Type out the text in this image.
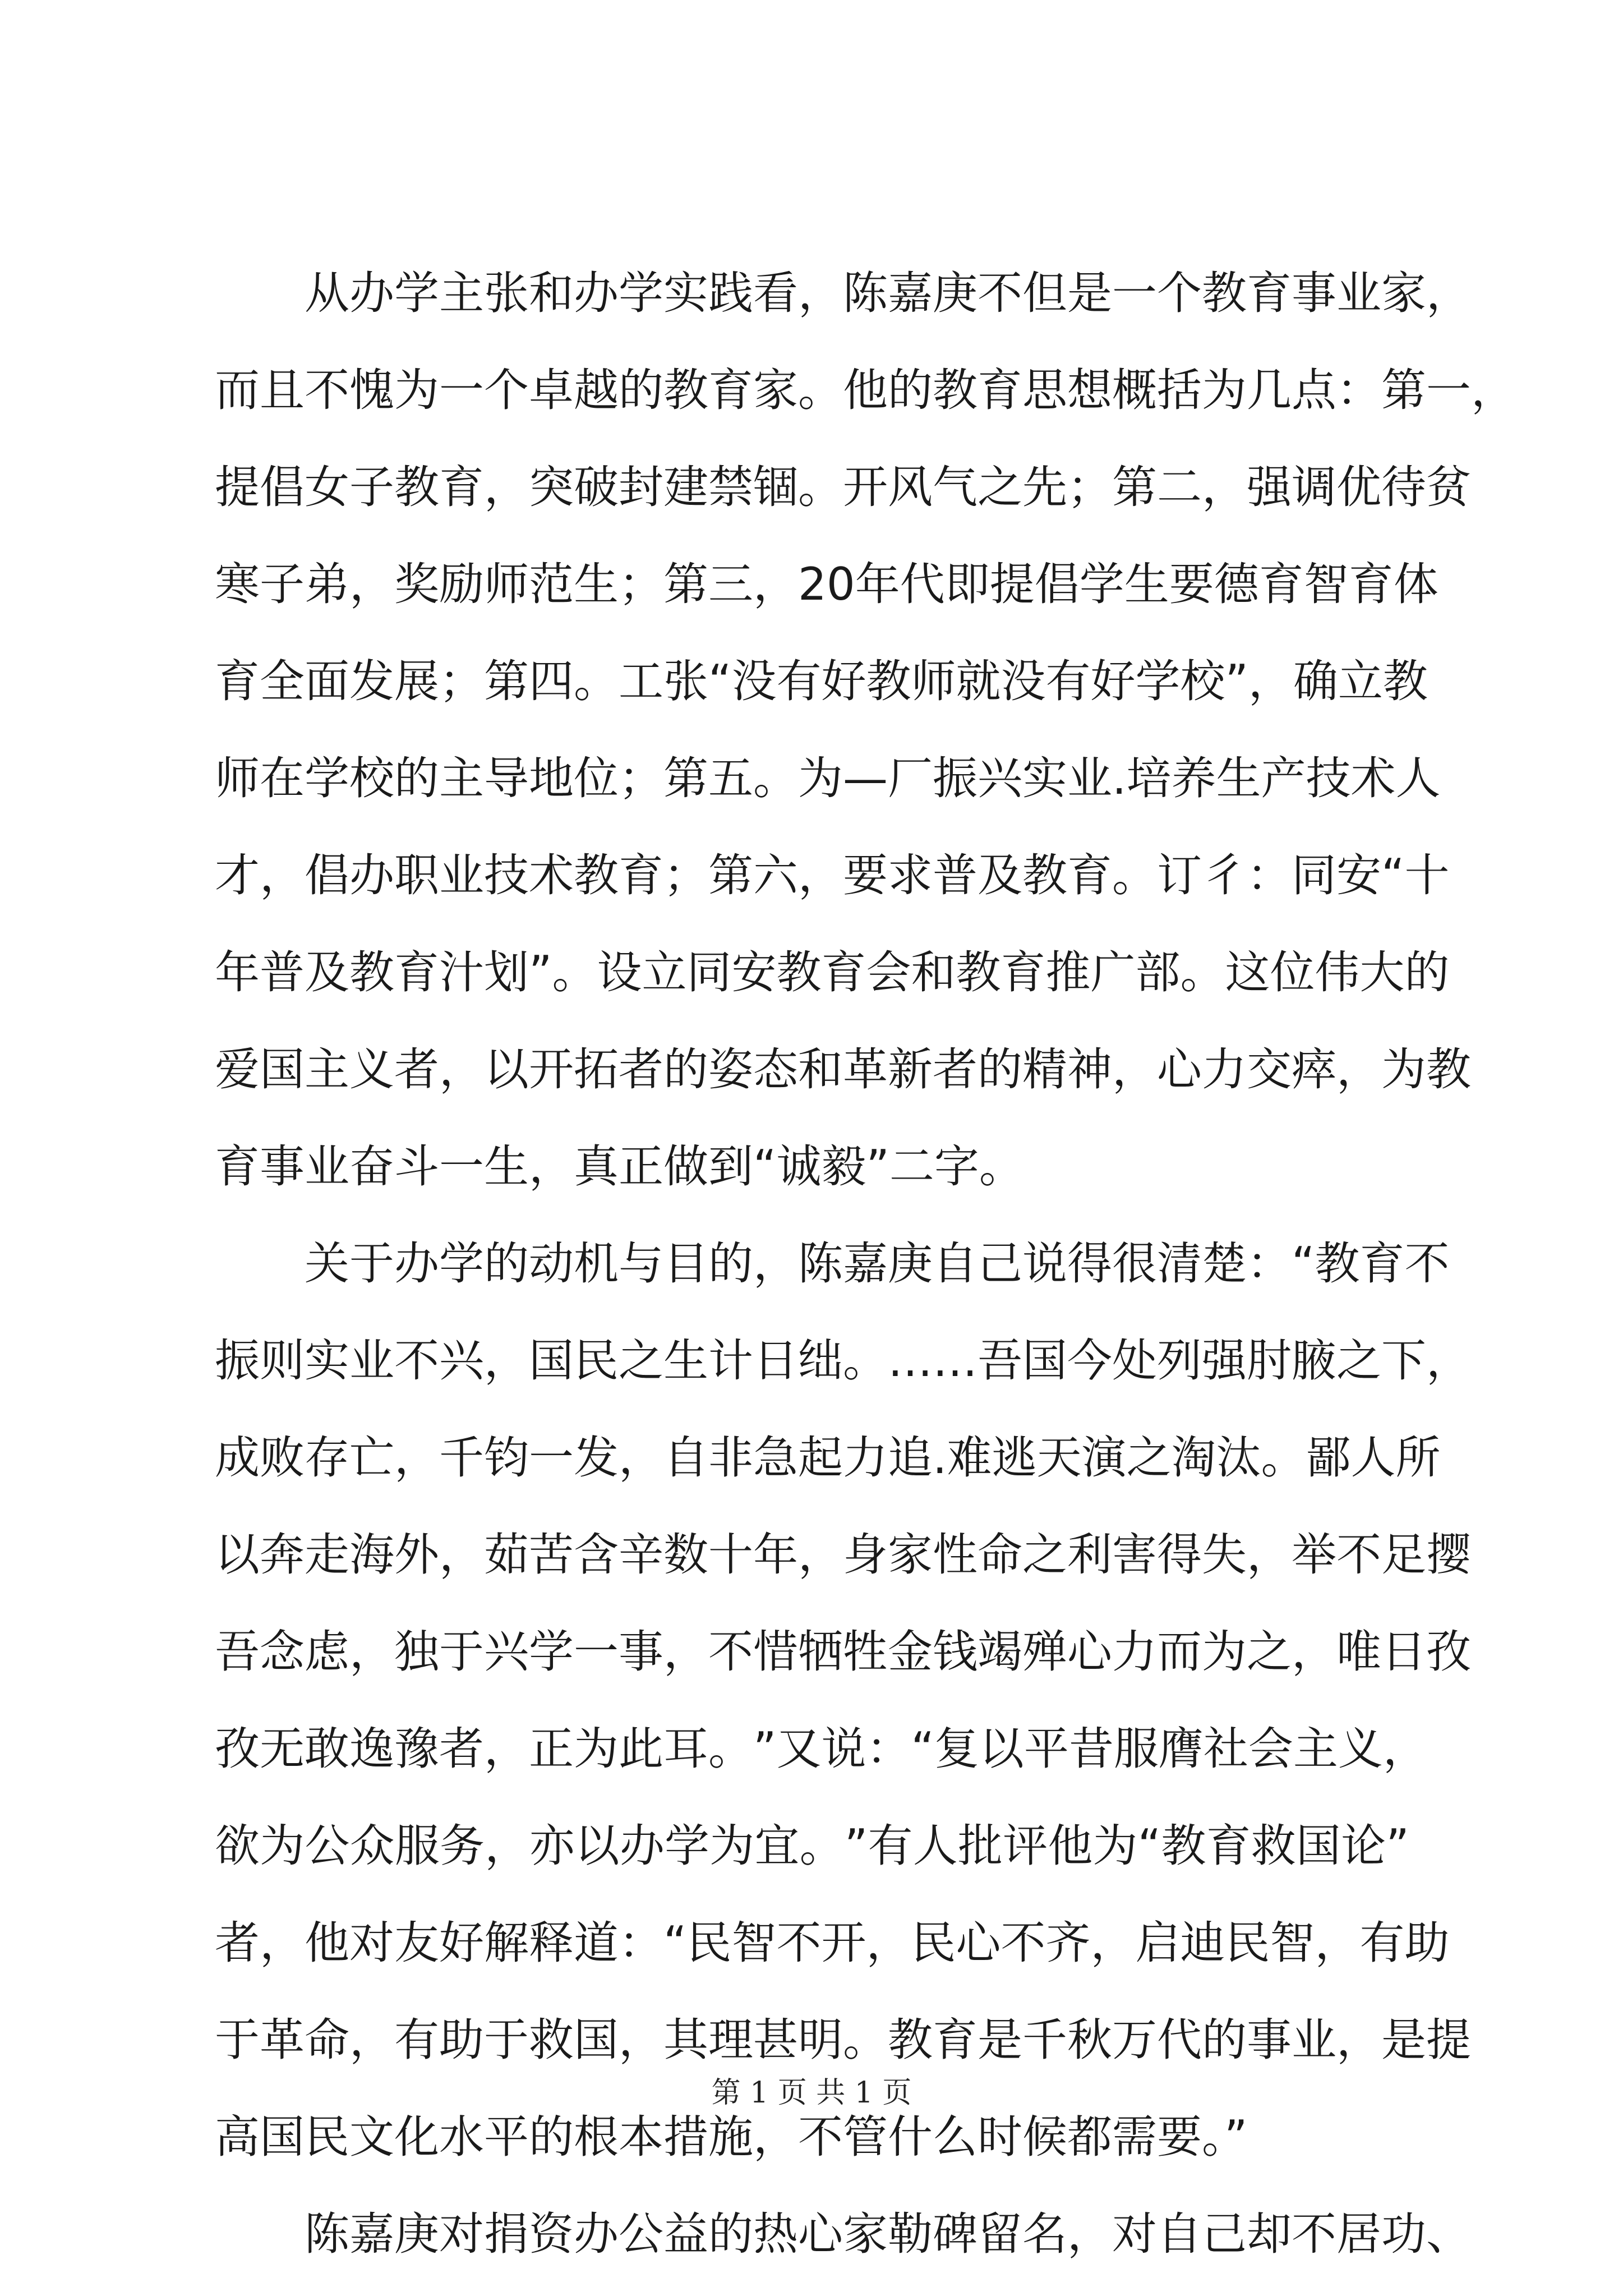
从 办 学 主 张 和 办 学 实 践 看 ， 陈 嘉 庚 不 但 是 一 个 教 育 事 业 家 ，
而 且 不 愧 为 一 个 卓 越 的 教 育 家 。 他 的 教 育 思 想 概 括 为 几 点 ： 第 一 ，
提 倡 女 子 教 育 ， 突 破 封 建 禁 锢 。 开 风 气 之 先 ； 第 二 ， 强 调 优 待 贫
寒 子 弟 ， 奖 励 师 范 生 ； 第 三 ， 20 年 代 即 提 倡 学 生 要 德 育 智 育 体
育 全 面 发 展 ； 第 四 。 工 张 “ 没 有 好 教 师 就 没 有 好 学 校 ” ， 确 立 教
师 在 学 校 的 主 导 地 位 ； 第 五 。 为 — 厂 振 兴 实 业 . 培 养 生 产 技 术 人
才 ， 倡 办 职 业 技 术 教 育 ； 第 六 ， 要 求 普 及 教 育 。 订 彳 ： 同 安 “ 十
年 普 及 教 育 汁 划 ” 。 设 立 同 安 教 育 会 和 教 育 推 广 部 。 这 位 伟 大 的
爱 国 主 义 者 ， 以 开 拓 者 的 姿 态 和 革 新 者 的 精 神 ， 心 力 交 瘁 ， 为 教
育事业奋斗一生，真正做到“诚毅”二字。
关 于 办 学 的 动 机 与 目 的 ， 陈 嘉 庚 自 己 说 得 很 清 楚 ： “ 教 育 不
振 则 实 业 不 兴 ， 国 民 之 生 计 日 绌 。 … … 吾 国 今 处 列 强 肘 腋 之 下 ，
成 败 存 亡 ， 千 钧 一 发 ， 自 非 急 起 力 追 . 难 逃 天 演 之 淘 汰 。 鄙 人 所
以 奔 走 海 外 ， 茹 苦 含 辛 数 十 年 ， 身 家 性 命 之 利 害 得 失 ， 举 不 足 撄
吾 念 虑 ， 独 于 兴 学 一 事 ， 不 惜 牺 牲 金 钱 竭 殚 心 力 而 为 之 ， 唯 日 孜
孜 无 敢 逸 豫 者 ， 正 为 此 耳 。 ” 又 说 ： “ 复 以 平 昔 服 膺 社 会 主 义 ，
欲 为 公 众 服 务 ， 亦 以 办 学 为 宜 。 ” 有 人 批 评 他 为 “ 教 育 救 国 论 ”
者 ， 他 对 友 好 解 释 道 ： “ 民 智 不 开 ， 民 心 不 齐 ， 启 迪 民 智 ， 有 助
于 革 命 ， 有 助 于 救 国 ， 其 理 甚 明 。 教 育 是 千 秋 万 代 的 事 业 ， 是 提
高国民文化水平的根本措施，不管什么时候都需要。”
陈 嘉 庚 对 捐 资 办 公 益 的 热 心 家 勒 碑 留 名 ， 对 自 己 却 不 居 功 、
第 1 页 共 1 页
